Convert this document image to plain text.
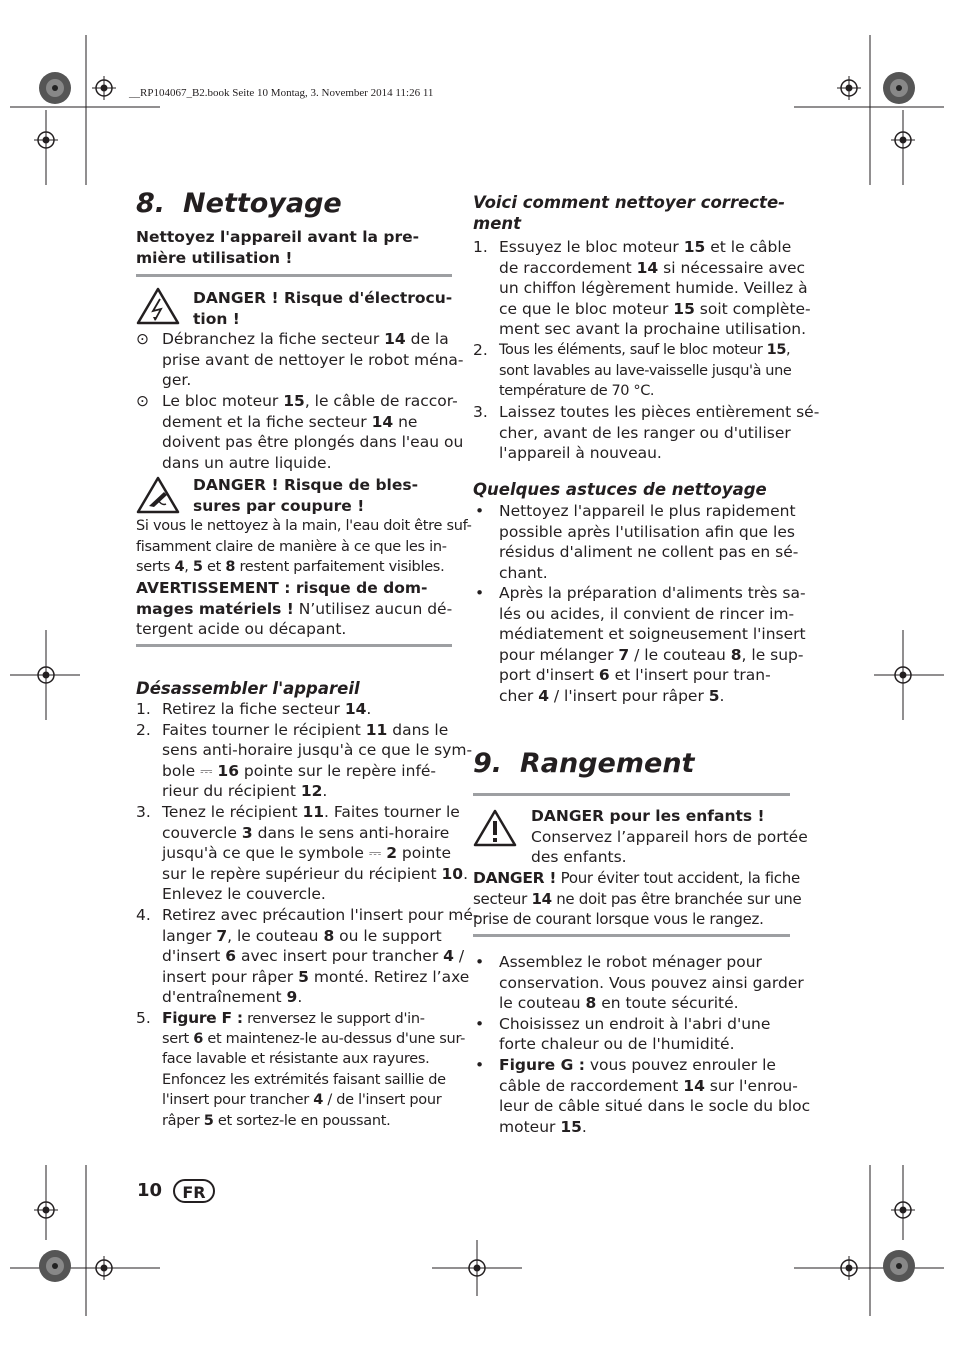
__RP104067_B2.book Seite 10 Montag, 3. November 2014 11:26 11
8. Nettoyage
Nettoyez l'appareil avant la pre-
mière utilisation !
DANGER ! Risque d'électrocu-
tion !
⊙ Débranchez la fiche secteur 14 de la
prise avant de nettoyer le robot ména-
ger.
⊙ Le bloc moteur 15, le câble de raccor-
dement et la fiche secteur 14 ne
doivent pas être plongés dans l'eau ou
dans un autre liquide.
DANGER ! Risque de bles-
sures par coupure !
Si vous le nettoyez à la main, l'eau doit être suf-
fisamment claire de manière à ce que les in-
serts 4, 5 et 8 restent parfaitement visibles.
AVERTISSEMENT : risque de dom-
mages matériels ! N’utilisez aucun dé-
tergent acide ou décapant.
Désassembler l'appareil
1. Retirez la fiche secteur 14.
2. Faites tourner le récipient 11 dans le
sens anti-horaire jusqu'à ce que le sym-
bole ⎓ 16 pointe sur le repère infé-
rieur du récipient 12.
3. Tenez le récipient 11. Faites tourner le
couvercle 3 dans le sens anti-horaire
jusqu'à ce que le symbole ⎓ 2 pointe
sur le repère supérieur du récipient 10.
Enlevez le couvercle.
4. Retirez avec précaution l'insert pour mé-
langer 7, le couteau 8 ou le support
d'insert 6 avec insert pour trancher 4 /
insert pour râper 5 monté. Retirez l’axe
d'entraînement 9.
5. Figure F : renversez le support d'in-
sert 6 et maintenez-le au-dessus d'une sur-
face lavable et résistante aux rayures.
Enfoncez les extrémités faisant saillie de
l'insert pour trancher 4 / de l'insert pour
râper 5 et sortez-le en poussant.
10	FR
Voici comment nettoyer correcte-
ment
1. Essuyez le bloc moteur 15 et le câble
de raccordement 14 si nécessaire avec
un chiffon légèrement humide. Veillez à
ce que le bloc moteur 15 soit complète-
ment sec avant la prochaine utilisation.
2. Tous les éléments, sauf le bloc moteur 15,
sont lavables au lave-vaisselle jusqu'à une
température de 70 °C.
3. Laissez toutes les pièces entièrement sé-
cher, avant de les ranger ou d'utiliser
l'appareil à nouveau.
Quelques astuces de nettoyage
• Nettoyez l'appareil le plus rapidement
possible après l'utilisation afin que les
résidus d'aliment ne collent pas en sé-
chant.
• Après la préparation d'aliments très sa-
lés ou acides, il convient de rincer im-
médiatement et soigneusement l'insert
pour mélanger 7 / le couteau 8, le sup-
port d'insert 6 et l'insert pour tran-
cher 4 / l'insert pour râper 5.
9. Rangement
DANGER pour les enfants !
Conservez l’appareil hors de portée
des enfants.
DANGER ! Pour éviter tout accident, la fiche
secteur 14 ne doit pas être branchée sur une
prise de courant lorsque vous le rangez.
• Assemblez le robot ménager pour
conservation. Vous pouvez ainsi garder
le couteau 8 en toute sécurité.
• Choisissez un endroit à l'abri d'une
forte chaleur ou de l'humidité.
• Figure G : vous pouvez enrouler le
câble de raccordement 14 sur l'enrou-
leur de câble situé dans le socle du bloc
moteur 15.
